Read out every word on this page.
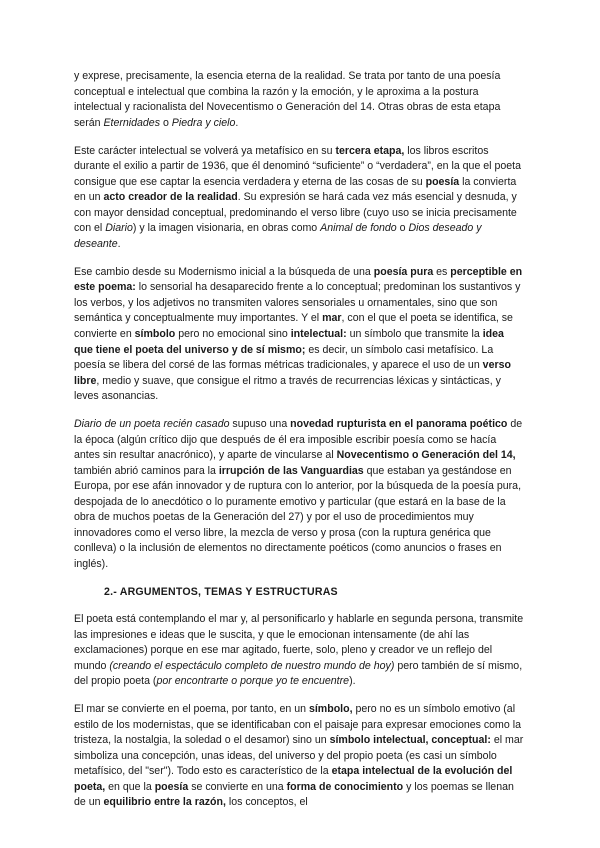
y exprese, precisamente, la esencia eterna de la realidad. Se trata por tanto de una poesía conceptual e intelectual que combina la razón y la emoción, y le aproxima a la postura intelectual y racionalista del Novecentismo o Generación del 14. Otras obras de esta etapa serán Eternidades o Piedra y cielo.

Este carácter intelectual se volverá ya metafísico en su tercera etapa, los libros escritos durante el exilio a partir de 1936, que él denominó “suficiente” o “verdadera”, en la que el poeta consigue que ese captar la esencia verdadera y eterna de las cosas de su poesía la convierta en un acto creador de la realidad. Su expresión se hará cada vez más esencial y desnuda, y con mayor densidad conceptual, predominando el verso libre (cuyo uso se inicia precisamente con el Diario) y la imagen visionaria, en obras como Animal de fondo o Dios deseado y deseante.

Ese cambio desde su Modernismo inicial a la búsqueda de una poesía pura es perceptible en este poema: lo sensorial ha desaparecido frente a lo conceptual; predominan los sustantivos y los verbos, y los adjetivos no transmiten valores sensoriales u ornamentales, sino que son semántica y conceptualmente muy importantes. Y el mar, con el que el poeta se identifica, se convierte en símbolo pero no emocional sino intelectual: un símbolo que transmite la idea que tiene el poeta del universo y de sí mismo; es decir, un símbolo casi metafísico. La poesía se libera del corsé de las formas métricas tradicionales, y aparece el uso de un verso libre, medio y suave, que consigue el ritmo a través de recurrencias léxicas y sintácticas, y leves asonancias.

Diario de un poeta recién casado supuso una novedad rupturista en el panorama poético de la época (algún crítico dijo que después de él era imposible escribir poesía como se hacía antes sin resultar anacrónico), y aparte de vincularse al Novecentismo o Generación del 14, también abrió caminos para la irrupción de las Vanguardias que estaban ya gestándose en Europa, por ese afán innovador y de ruptura con lo anterior, por la búsqueda de la poesía pura, despojada de lo anecdótico o lo puramente emotivo y particular (que estará en la base de la obra de muchos poetas de la Generación del 27) y por el uso de procedimientos muy innovadores como el verso libre, la mezcla de verso y prosa (con la ruptura genérica que conlleva) o la inclusión de elementos no directamente poéticos (como anuncios o frases en inglés).

2.- ARGUMENTOS, TEMAS Y ESTRUCTURAS

El poeta está contemplando el mar y, al personificarlo y hablarle en segunda persona, transmite las impresiones e ideas que le suscita, y que le emocionan intensamente (de ahí las exclamaciones) porque en ese mar agitado, fuerte, solo, pleno y creador ve un reflejo del mundo (creando el espectáculo completo de nuestro mundo de hoy) pero también de sí mismo, del propio poeta (por encontrarte o porque yo te encuentre).

El mar se convierte en el poema, por tanto, en un símbolo, pero no es un símbolo emotivo (al estilo de los modernistas, que se identificaban con el paisaje para expresar emociones como la tristeza, la nostalgia, la soledad o el desamor) sino un símbolo intelectual, conceptual: el mar simboliza una concepción, unas ideas, del universo y del propio poeta (es casi un símbolo metafísico, del "ser"). Todo esto es característico de la etapa intelectual de la evolución del poeta, en que la poesía se convierte en una forma de conocimiento y los poemas se llenan de un equilibrio entre la razón, los conceptos, el
